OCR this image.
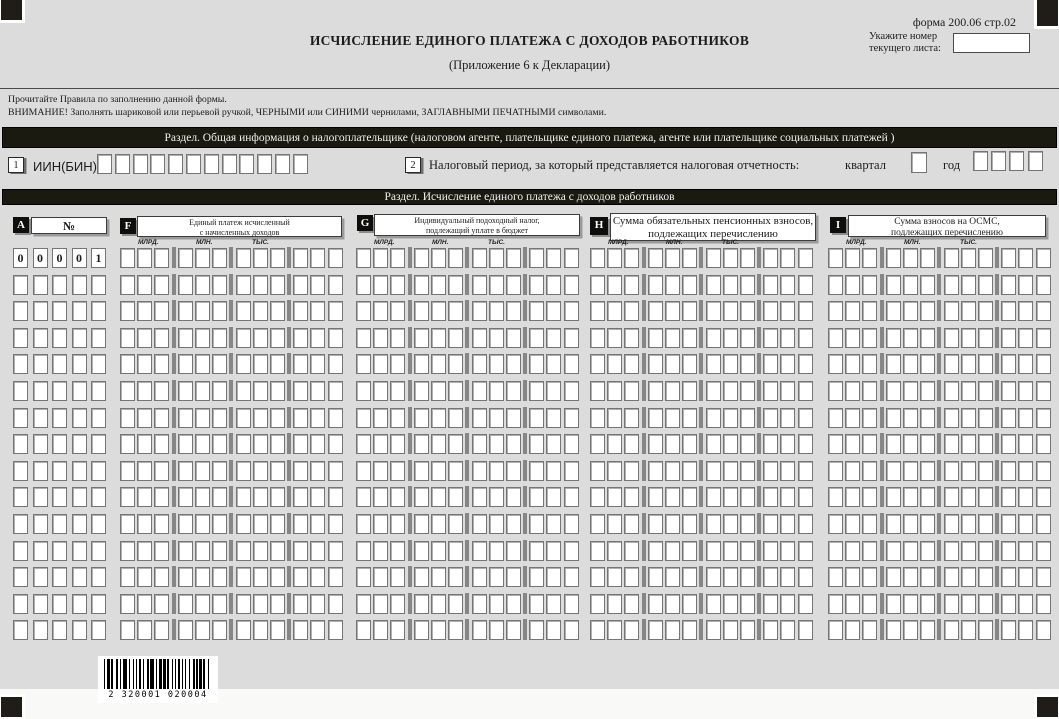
форма 200.06 стр.02
Укажите номер
текущего листа:
ИСЧИСЛЕНИЕ ЕДИНОГО ПЛАТЕЖА С ДОХОДОВ РАБОТНИКОВ
(Приложение 6 к Декларации)
Прочитайте Правила по заполнению данной формы.
ВНИМАНИЕ! Заполнять шариковой или перьевой ручкой, ЧЕРНЫМИ или СИНИМИ чернилами, ЗАГЛАВНЫМИ ПЕЧАТНЫМИ символами.
Раздел. Общая информация о налогоплательщике (налоговом агенте, плательщике единого платежа, агенте или плательщике социальных платежей )
1	ИИН(БИН)	2	Налоговый период, за который представляется налоговая отчетность:	квартал	год
Раздел. Исчисление единого платежа с доходов работников
A	№	F	Единый платеж исчисленный
с начисленных доходов
G	Индивидуальный подоходный налог,
подлежащий уплате в бюджет	H Сумма обязательных пенсионных взносов,
подлежащих перечислению
I	Сумма взносов на ОСМС,
подлежащих перечислению
МЛРД.	МЛН.	ТЫС.	МЛРД.	МЛН.	ТЫС.	МЛРД.	МЛН.	ТЫС.	МЛРД.	МЛН.	ТЫС.
0	0	0	0	1
2 320001 020004
